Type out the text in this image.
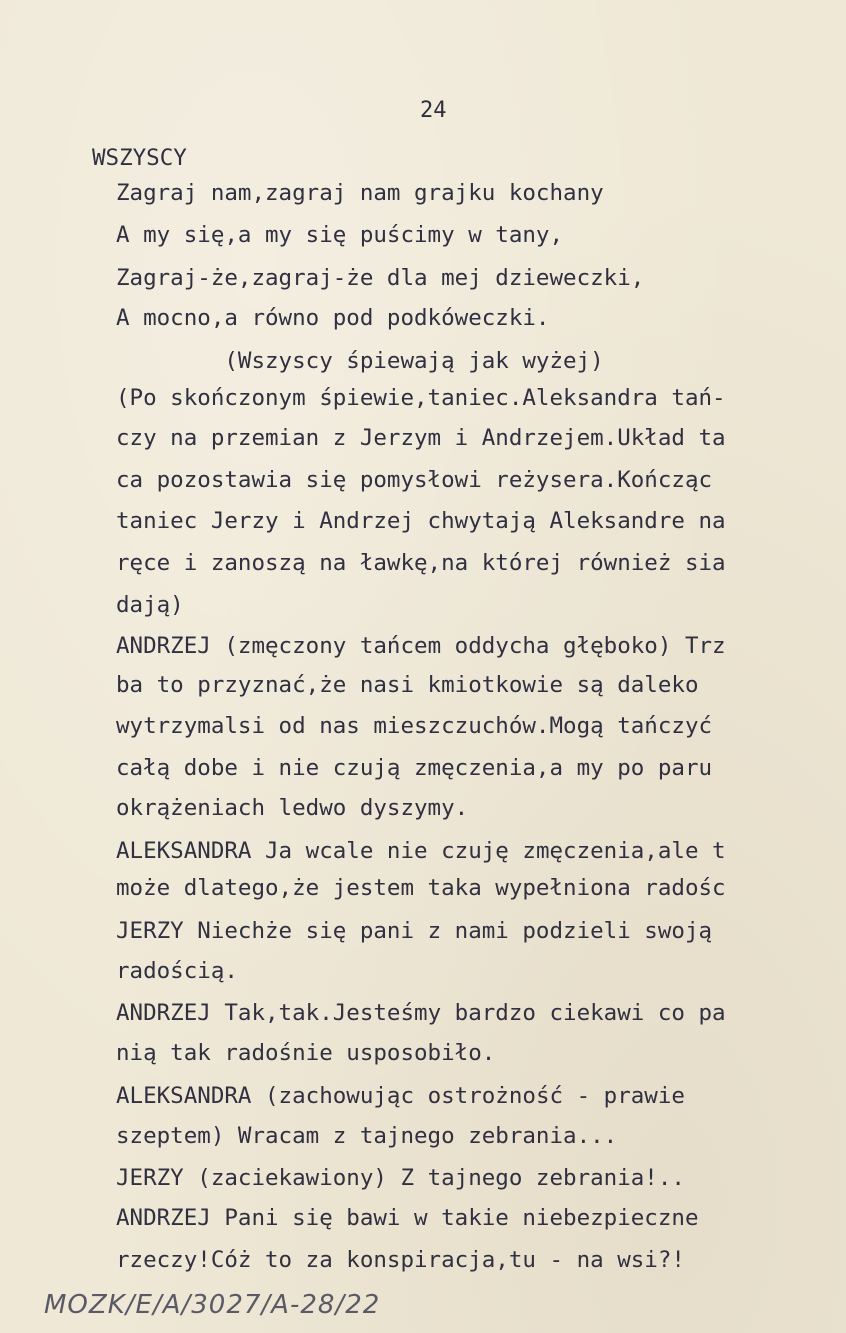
24
WSZYSCY
Zagraj nam,zagraj nam grajku kochany
A my się,a my się puścimy w tany,
Zagraj-że,zagraj-że dla mej dzieweczki,
A mocno,a równo pod podkóweczki.
(Wszyscy śpiewają jak wyżej)
(Po skończonym śpiewie,taniec.Aleksandra tań-
czy na przemian z Jerzym i Andrzejem.Układ ta
ca pozostawia się pomysłowi reżysera.Kończąc
taniec Jerzy i Andrzej chwytają Aleksandre na
ręce i zanoszą na ławkę,na której również sia
dają)
ANDRZEJ (zmęczony tańcem oddycha głęboko) Trz
ba to przyznać,że nasi kmiotkowie są daleko
wytrzymalsi od nas mieszczuchów.Mogą tańczyć
całą dobe i nie czują zmęczenia,a my po paru
okrążeniach ledwo dyszymy.
ALEKSANDRA Ja wcale nie czuję zmęczenia,ale t
może dlatego,że jestem taka wypełniona radośc
JERZY Niechże się pani z nami podzieli swoją
radością.
ANDRZEJ Tak,tak.Jesteśmy bardzo ciekawi co pa
nią tak radośnie usposobiło.
ALEKSANDRA (zachowując ostrożność - prawie
szeptem) Wracam z tajnego zebrania...
JERZY (zaciekawiony) Z tajnego zebrania!..
ANDRZEJ Pani się bawi w takie niebezpieczne
rzeczy!Cóż to za konspiracja,tu - na wsi?!
MOZK/E/A/3027/A-28/22
